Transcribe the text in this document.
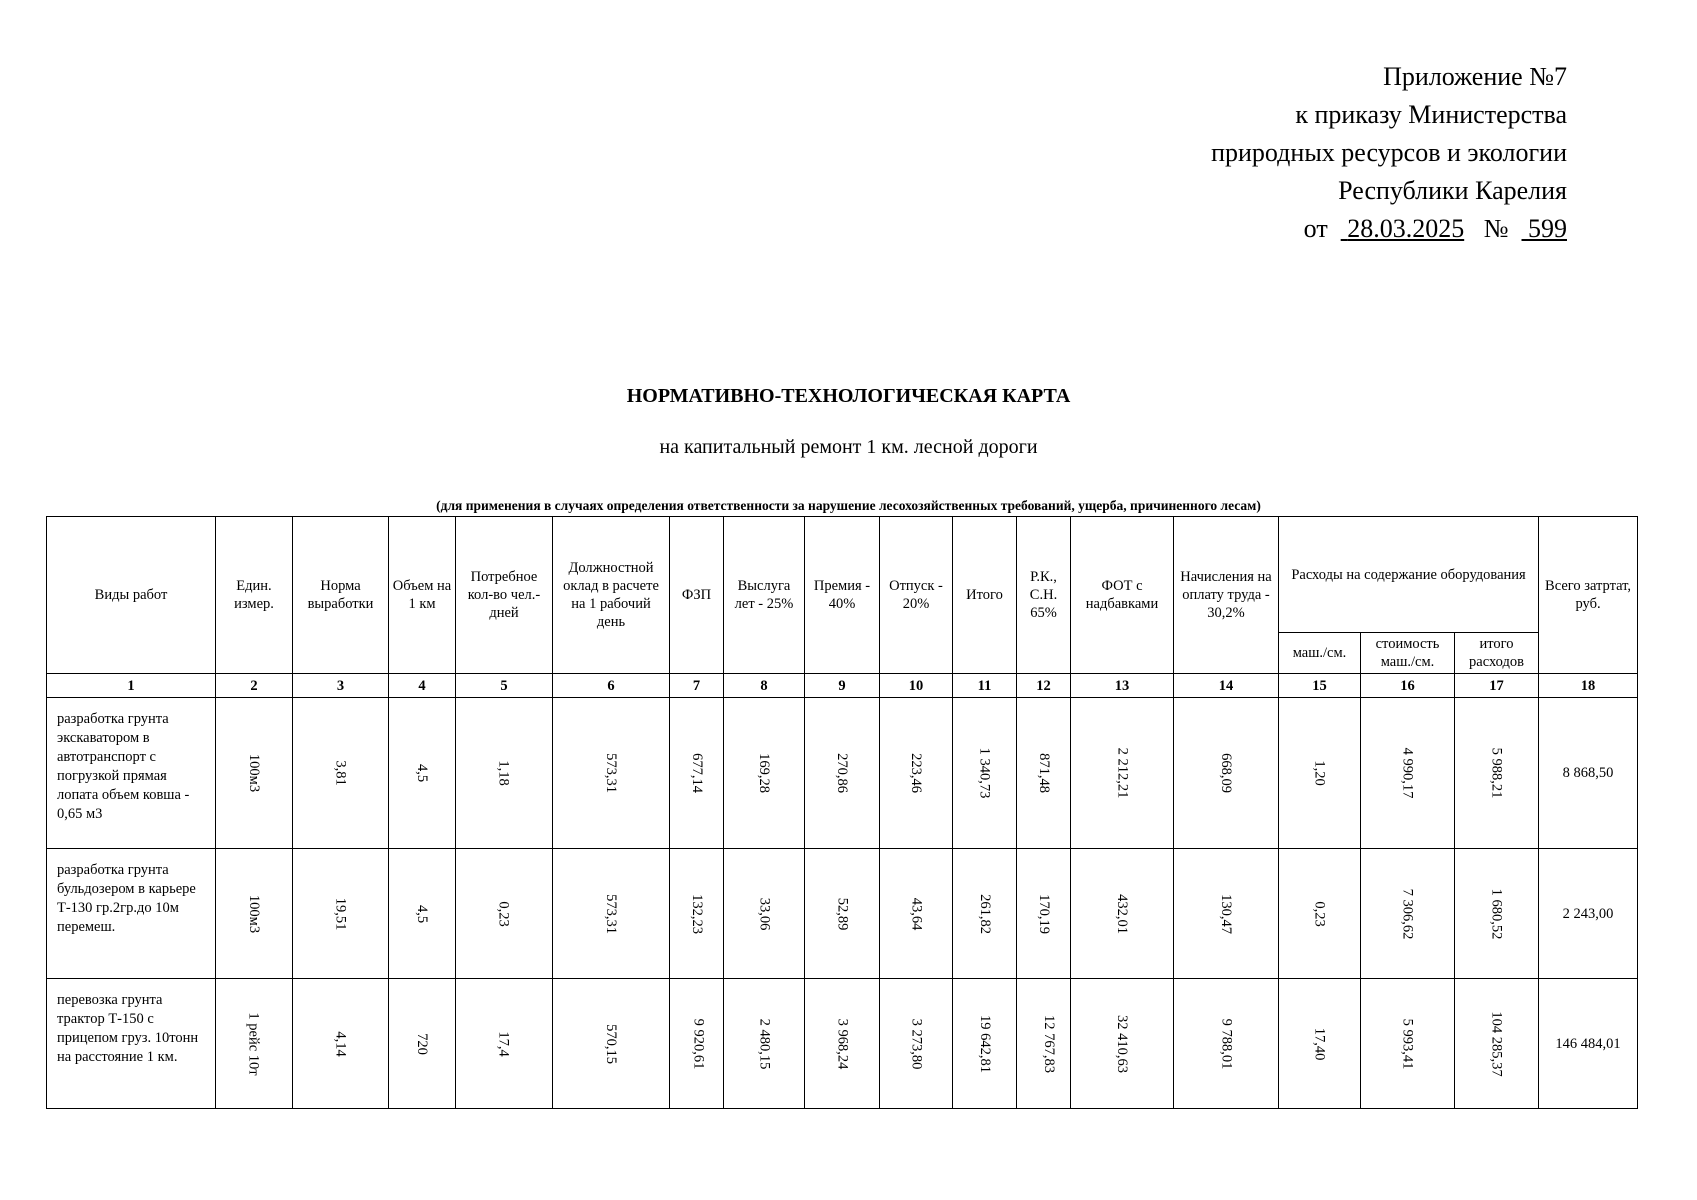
Приложение №7
к приказу Министерства
природных ресурсов и экологии
Республики Карелия
от 28.03.2025 № 599
НОРМАТИВНО-ТЕХНОЛОГИЧЕСКАЯ КАРТА
на капитальный ремонт 1 км. лесной дороги
(для применения в случаях определения ответственности за нарушение лесохозяйственных требований, ущерба, причиненного лесам)
Виды работ	Един. измер.	Норма выработки	Объем на 1 км	Потребное кол-во чел.-дней	Должностной оклад в расчете на 1 рабочий день	ФЗП	Выслуга лет - 25%	Премия - 40%	Отпуск - 20%	Итого	Р.К., С.Н. 65%	ФОТ с надбавками	Начисления на оплату труда - 30,2%	Расходы на содержание оборудования			Всего затртат, руб.
														маш./см.	стоимость маш./см.	итого расходов	
1	2	3	4	5	6	7	8	9	10	11	12	13	14	15	16	17	18
разработка грунта экскаватором в автотранспорт с погрузкой прямая лопата объем ковша - 0,65 м3	100м3	3,81	4,5	1,18	573,31	677,14	169,28	270,86	223,46	1 340,73	871,48	2 212,21	668,09	1,20	4 990,17	5 988,21	8 868,50
разработка грунта бульдозером в карьере Т-130 гр.2гр.до 10м перемеш.	100м3	19,51	4,5	0,23	573,31	132,23	33,06	52,89	43,64	261,82	170,19	432,01	130,47	0,23	7 306,62	1 680,52	2 243,00
перевозка грунта трактор Т-150 с прицепом груз. 10тонн на расстояние 1 км.	1 рейс 10т	4,14	720	17,4	570,15	9 920,61	2 480,15	3 968,24	3 273,80	19 642,81	12 767,83	32 410,63	9 788,01	17,40	5 993,41	104 285,37	146 484,01
